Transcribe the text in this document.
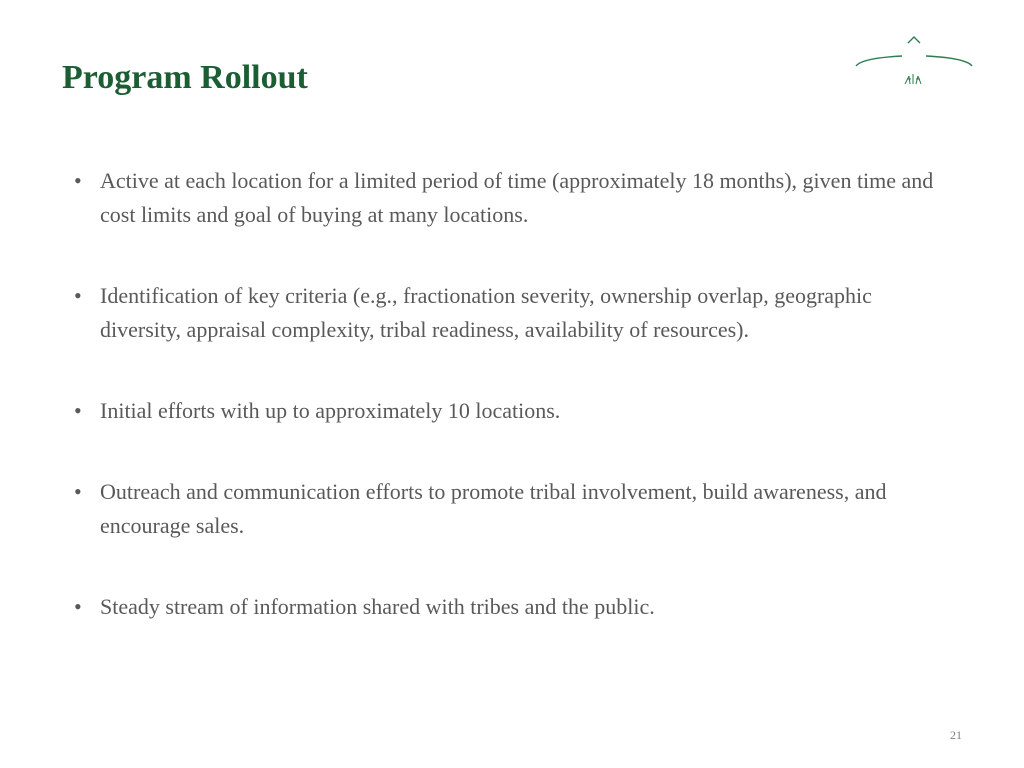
Program Rollout
• Active at each location for a limited period of time (approximately 18 months), given time and cost limits and goal of buying at many locations.
• Identification of key criteria (e.g., fractionation severity, ownership overlap, geographic diversity, appraisal complexity, tribal readiness, availability of resources).
• Initial efforts with up to approximately 10 locations.
• Outreach and communication efforts to promote tribal involvement, build awareness, and encourage sales.
• Steady stream of information shared with tribes and the public.
21
